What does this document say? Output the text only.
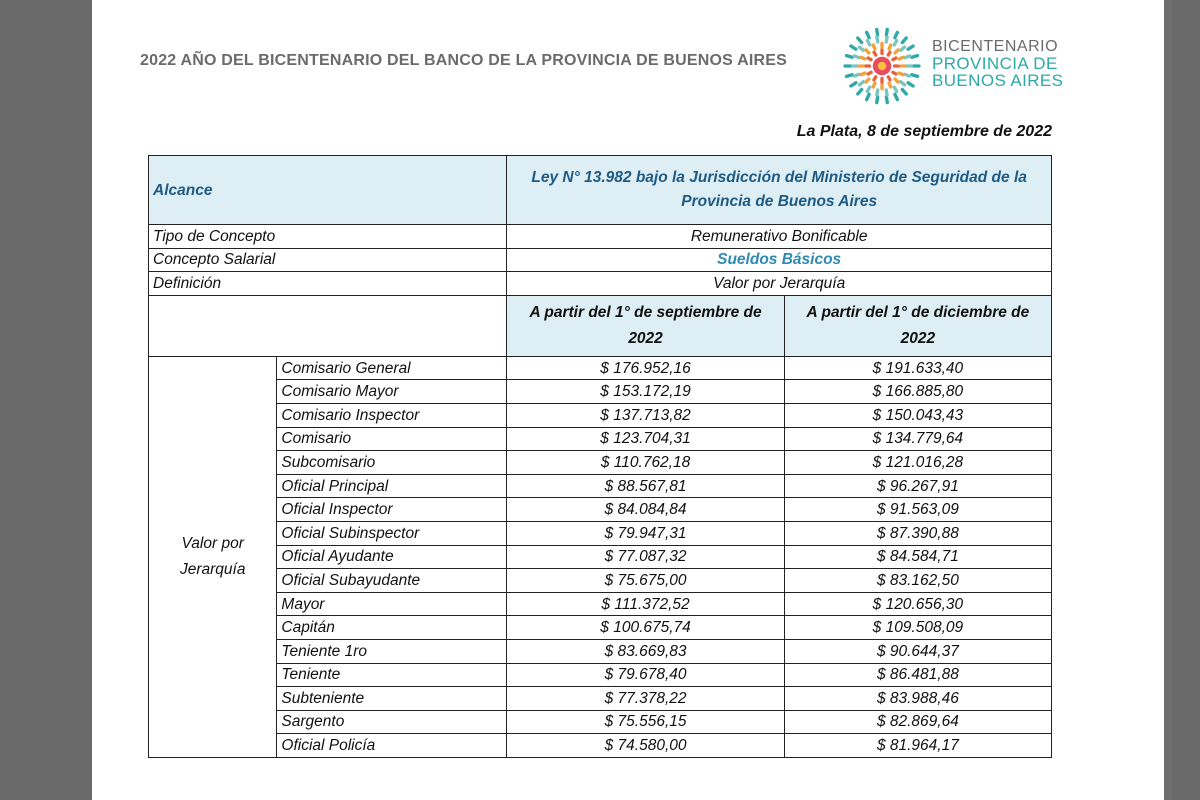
2022 AÑO DEL BICENTENARIO DEL BANCO DE LA PROVINCIA DE BUENOS AIRES
BICENTENARIO
PROVINCIA DE
BUENOS AIRES
La Plata, 8 de septiembre de 2022
Alcance		Ley N° 13.982 bajo la Jurisdicción del Ministerio de Seguridad de la Provincia de Buenos Aires	
Tipo de Concepto		Remunerativo Bonificable	
Concepto Salarial		Sueldos Básicos	
Definición		Valor por Jerarquía	
		A partir del 1° de septiembre de 2022	A partir del 1° de diciembre de 2022
Valor por Jerarquía	Comisario General	$ 176.952,16	$ 191.633,40
	Comisario Mayor	$ 153.172,19	$ 166.885,80
	Comisario Inspector	$ 137.713,82	$ 150.043,43
	Comisario	$ 123.704,31	$ 134.779,64
	Subcomisario	$ 110.762,18	$ 121.016,28
	Oficial Principal	$ 88.567,81	$ 96.267,91
	Oficial Inspector	$ 84.084,84	$ 91.563,09
	Oficial Subinspector	$ 79.947,31	$ 87.390,88
	Oficial Ayudante	$ 77.087,32	$ 84.584,71
	Oficial Subayudante	$ 75.675,00	$ 83.162,50
	Mayor	$ 111.372,52	$ 120.656,30
	Capitán	$ 100.675,74	$ 109.508,09
	Teniente 1ro	$ 83.669,83	$ 90.644,37
	Teniente	$ 79.678,40	$ 86.481,88
	Subteniente	$ 77.378,22	$ 83.988,46
	Sargento	$ 75.556,15	$ 82.869,64
	Oficial Policía	$ 74.580,00	$ 81.964,17
